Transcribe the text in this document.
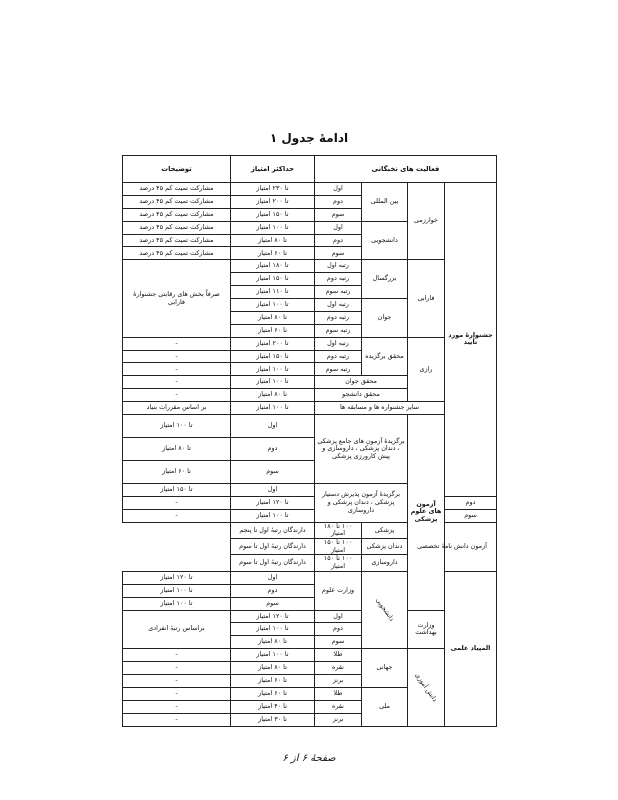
ادامهٔ جدول ۱
فعالیت های نخبگانی				حداکثر امتیاز	توضیحات	
جشنوارهٔ مورد تأیید	خوارزمی	بین المللی	اول	تا ۲۳۰ امتیاز	مشارکت تمیت کم ۴۵ درصد	
			دوم	تا ۲۰۰ امتیاز	مشارکت تمیت کم ۴۵ درصد	
			سوم	تا ۱۵۰ امتیاز	مشارکت تمیت کم ۴۵ درصد	
		دانشجویی	اول	تا ۱۰۰ امتیاز	مشارکت تمیت کم ۴۵ درصد	
			دوم	تا ۸۰ امتیاز	مشارکت تمیت کم ۴۵ درصد	
			سوم	تا ۶۰ امتیاز	مشارکت تمیت کم ۴۵ درصد	
	فارابی	بزرگسال	رتبه اول	تا ۱۸۰ امتیاز	صرفاً بخش های رقابتی جشنوارهٔ فارابی	
			رتبه دوم	تا ۱۵۰ امتیاز		
			رتبه سوم	تا ۱۱۰ امتیاز		
		جوان	رتبه اول	تا ۱۰۰ امتیاز		
			رتبه دوم	تا ۸۰ امتیاز		
			رتبه سوم	تا ۶۰ امتیاز		
	رازی	محقق برگزیده	رتبه اول	تا ۲۰۰ امتیاز	-	
			رتبه دوم	تا ۱۵۰ امتیاز	-	
			رتبه سوم	تا ۱۰۰ امتیاز	-	
		محقق جوان		تا ۱۰۰ امتیاز	-	
		محقق دانشجو		تا ۸۰ امتیاز	-	
	سایر جشنواره ها و مسابقه ها			تا ۱۰۰ امتیاز	بر اساس مقررات بنیاد	
	آزمون های علوم پزشکی	برگزیدهٔ آزمون های جامع پزشکی ، دندان پزشکی ، داروسازی و پیش کارورزی پزشکی		اول	تا ۱۰۰ امتیاز	
				دوم	تا ۸۰ امتیاز	
				سوم	تا ۶۰ امتیاز	
		برگزیدهٔ آزمون پذیرش دستیار پزشکی ، دندان پزشکی و داروسازی		اول	تا ۱۵۰ امتیاز	
دوم				تا ۱۲۰ امتیاز	-	
سوم				تا ۱۰۰ امتیاز	-	
آزمون دانش نامهٔ تخصصی		پزشکی	۱۰۰ تا ۱۸۰ امتیاز	دارندگان رتبهٔ اول تا پنجم		
		دندان پزشکی	۱۰۰ تا ۱۵۰ امتیاز	دارندگان رتبهٔ اول تا سوم		
		داروسازی	۱۰۰ تا ۱۵۰ امتیاز	دارندگان رتبهٔ اول تا سوم		
المپیاد علمی		دانشجویی	وزارت علوم	اول	تا ۱۲۰ امتیاز	
				دوم	تا ۱۰۰ امتیاز	
				سوم	تا ۱۰۰ امتیاز	
	وزارت بهداشت		اول	تا ۱۲۰ امتیاز	براساس رتبهٔ انفرادی	
			دوم	تا ۱۰۰ امتیاز		
			سوم	تا ۸۰ امتیاز		
	دانش آموزی	جهانی	طلا	تا ۱۰۰ امتیاز	-	
			نقره	تا ۸۰ امتیاز	-	
			برنز	تا ۶۰ امتیاز	-	
		ملی	طلا	تا ۶۰ امتیاز	-	
			نقره	تا ۴۰ امتیاز	-	
			برنز	تا ۳۰ امتیاز	-	
صفحهٔ ۶ از ۶
